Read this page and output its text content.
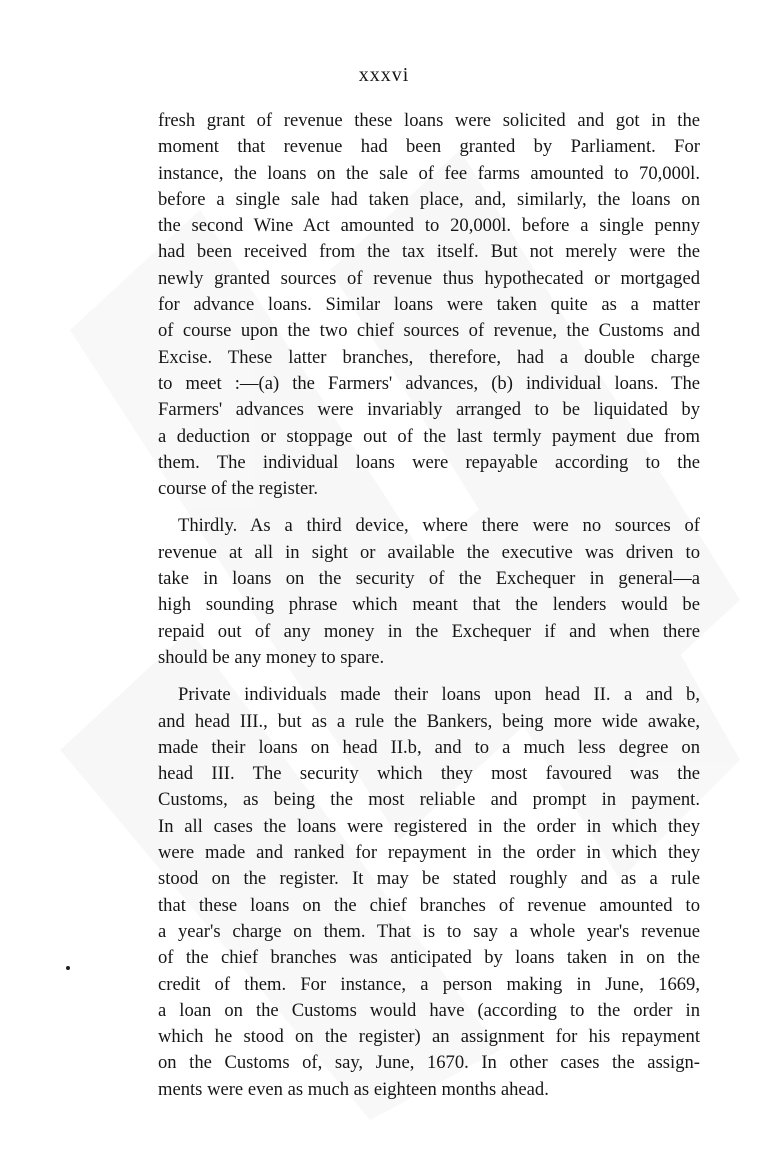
xxxvi

fresh grant of revenue these loans were solicited and got in the
moment that revenue had been granted by Parliament. For
instance, the loans on the sale of fee farms amounted to 70,000l.
before a single sale had taken place, and, similarly, the loans on
the second Wine Act amounted to 20,000l. before a single penny
had been received from the tax itself. But not merely were the
newly granted sources of revenue thus hypothecated or mortgaged
for advance loans. Similar loans were taken quite as a matter
of course upon the two chief sources of revenue, the Customs and
Excise. These latter branches, therefore, had a double charge
to meet :—(a) the Farmers' advances, (b) individual loans. The
Farmers' advances were invariably arranged to be liquidated by
a deduction or stoppage out of the last termly payment due from
them. The individual loans were repayable according to the
course of the register.

Thirdly. As a third device, where there were no sources of
revenue at all in sight or available the executive was driven to
take in loans on the security of the Exchequer in general—a
high sounding phrase which meant that the lenders would be
repaid out of any money in the Exchequer if and when there
should be any money to spare.

Private individuals made their loans upon head II. a and b,
and head III., but as a rule the Bankers, being more wide awake,
made their loans on head II.b, and to a much less degree on
head III. The security which they most favoured was the
Customs, as being the most reliable and prompt in payment.
In all cases the loans were registered in the order in which they
were made and ranked for repayment in the order in which they
stood on the register. It may be stated roughly and as a rule
that these loans on the chief branches of revenue amounted to
a year's charge on them. That is to say a whole year's revenue
of the chief branches was anticipated by loans taken in on the
credit of them. For instance, a person making in June, 1669,
a loan on the Customs would have (according to the order in
which he stood on the register) an assignment for his repayment
on the Customs of, say, June, 1670. In other cases the assign-
ments were even as much as eighteen months ahead.
